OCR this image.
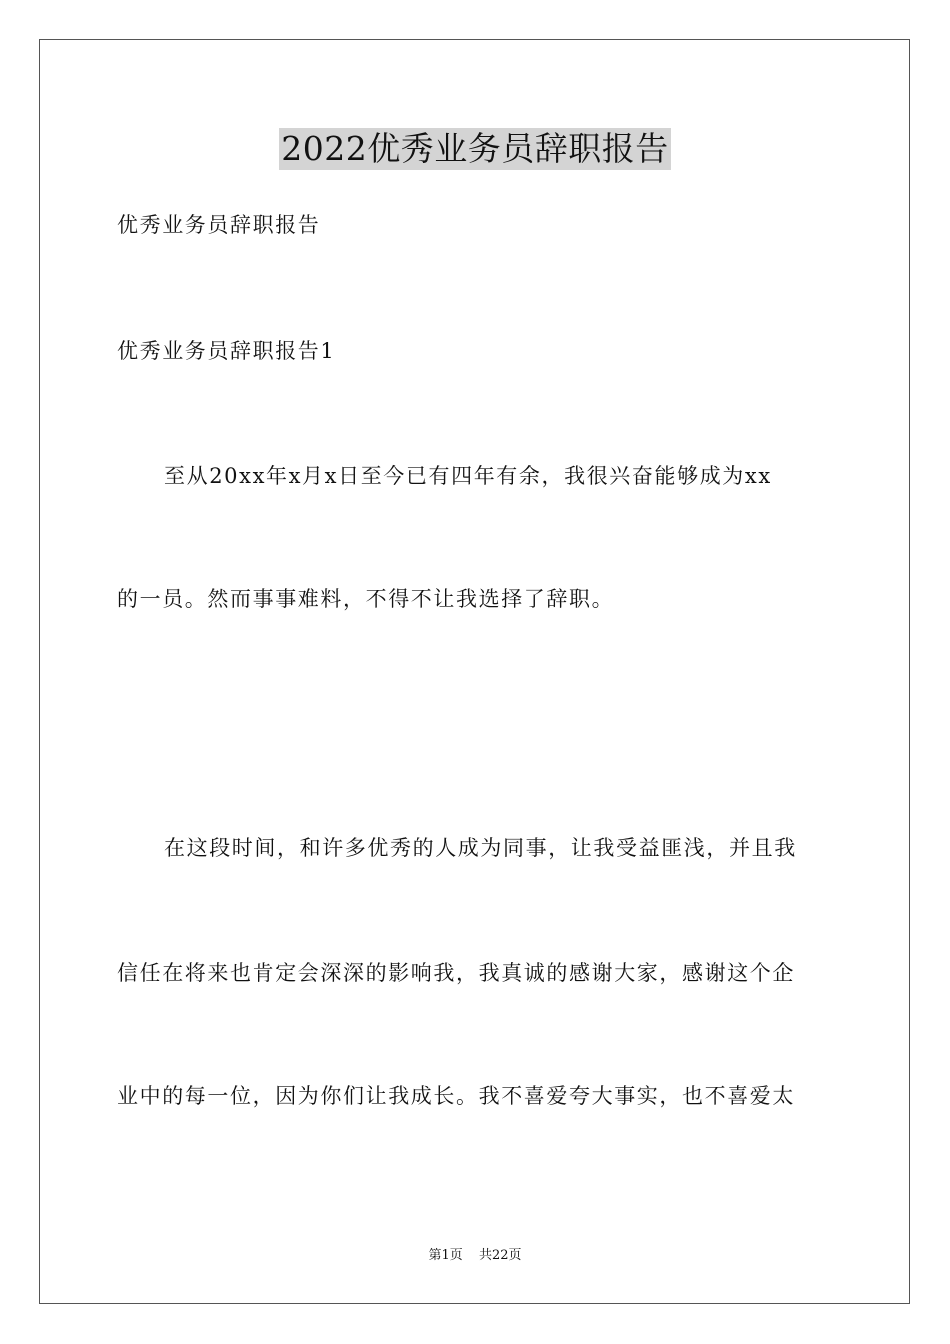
2022优秀业务员辞职报告
优秀业务员辞职报告
优秀业务员辞职报告1
至从20xx年x月x日至今已有四年有余，我很兴奋能够成为xx
的一员。然而事事难料，不得不让我选择了辞职。
在这段时间，和许多优秀的人成为同事，让我受益匪浅，并且我
信任在将来也肯定会深深的影响我，我真诚的感谢大家，感谢这个企
业中的每一位，因为你们让我成长。我不喜爱夸大事实，也不喜爱太
第1页 共22页
